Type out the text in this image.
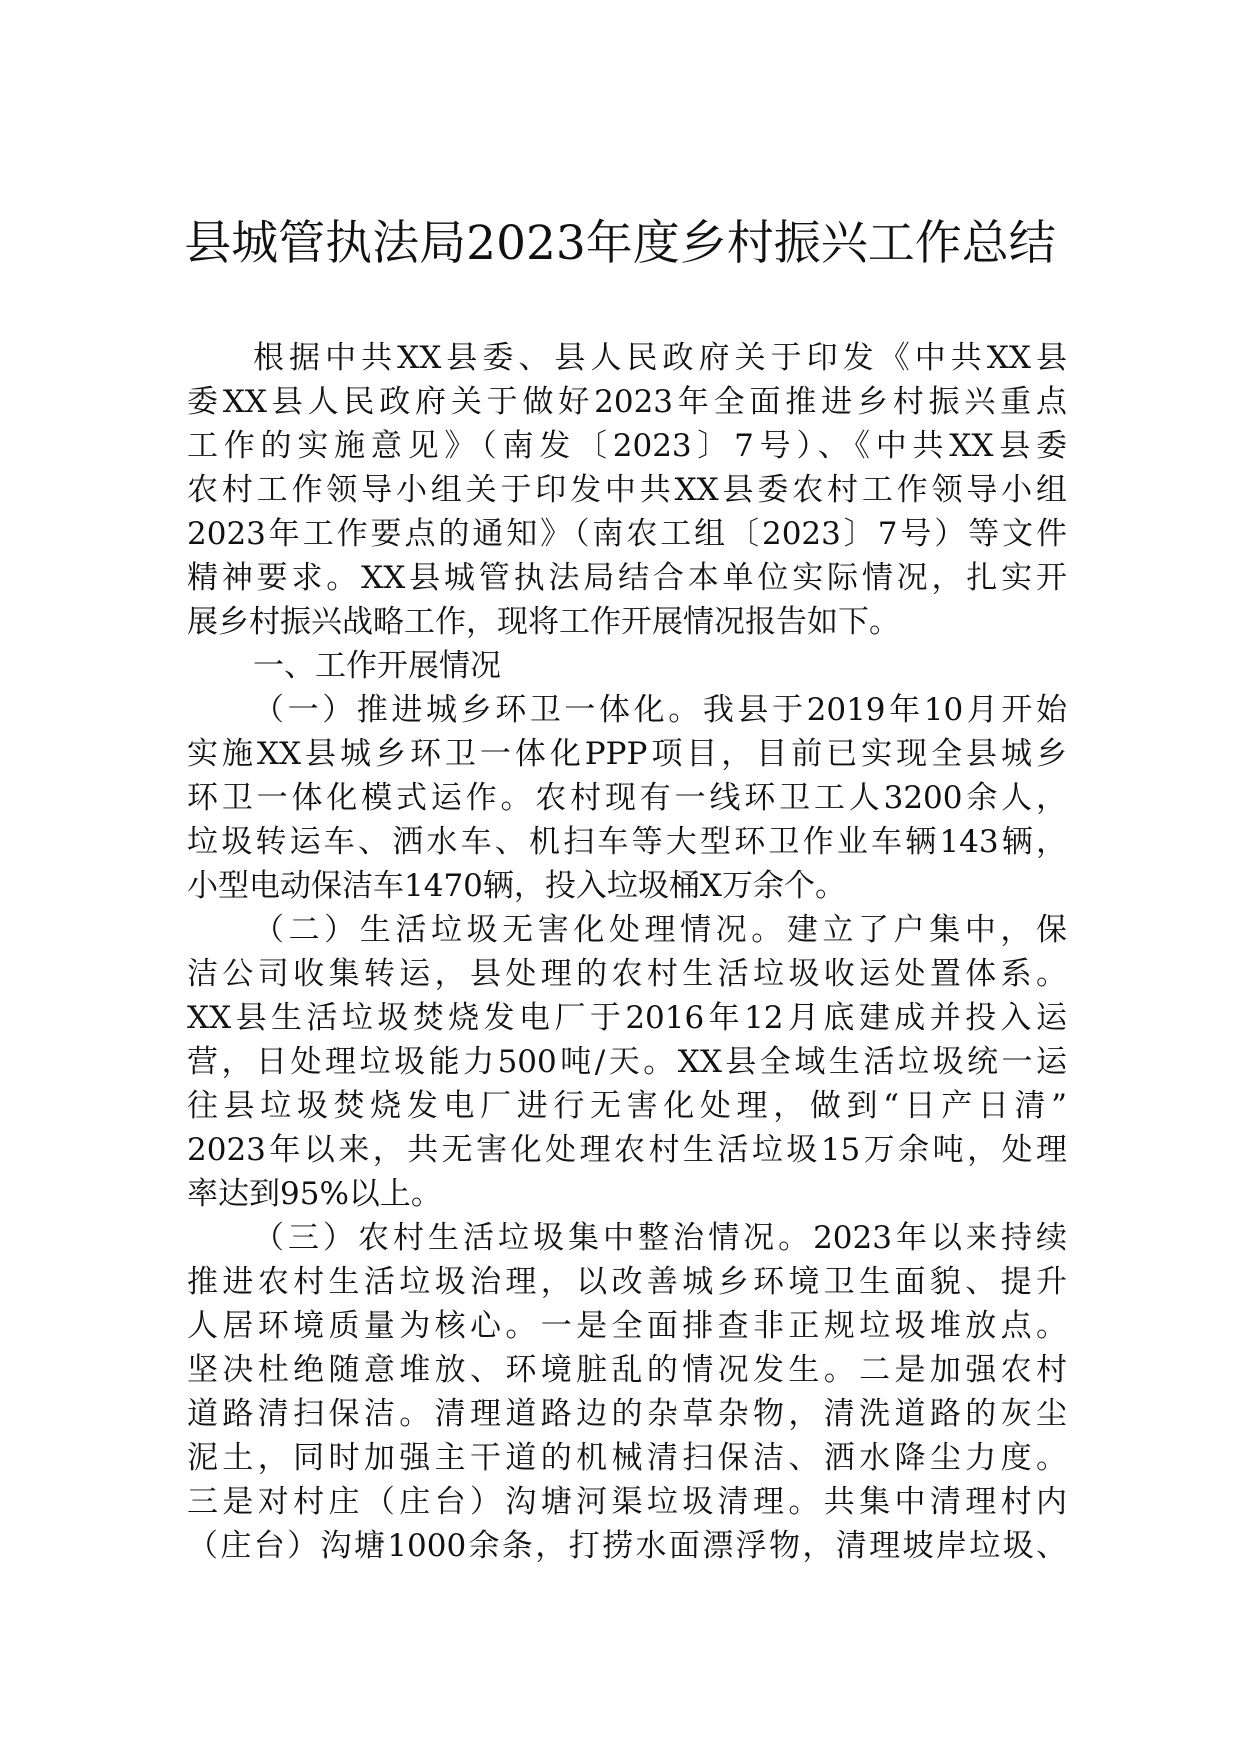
县城管执法局2023年度乡村振兴工作总结
根据中共XX县委、县人民政府关于印发《中共XX县
委XX县人民政府关于做好2023年全面推进乡村振兴重点
工作的实施意见》（南发〔2023〕7号）、《中共XX县委
农村工作领导小组关于印发中共XX县委农村工作领导小组
2023年工作要点的通知》（南农工组〔2023〕7号）等文件
精神要求。XX县城管执法局结合本单位实际情况，扎实开
展乡村振兴战略工作，现将工作开展情况报告如下。
一、工作开展情况
（一）推进城乡环卫一体化。我县于2019年10月开始
实施XX县城乡环卫一体化PPP项目，目前已实现全县城乡
环卫一体化模式运作。农村现有一线环卫工人3200余人，
垃圾转运车、洒水车、机扫车等大型环卫作业车辆143辆，
小型电动保洁车1470辆，投入垃圾桶X万余个。
（二）生活垃圾无害化处理情况。建立了户集中，保
洁公司收集转运，县处理的农村生活垃圾收运处置体系。
XX县生活垃圾焚烧发电厂于2016年12月底建成并投入运
营，日处理垃圾能力500吨/天。XX县全域生活垃圾统一运
往县垃圾焚烧发电厂进行无害化处理，做到“日产日清”
2023年以来，共无害化处理农村生活垃圾15万余吨，处理
率达到95%以上。
（三）农村生活垃圾集中整治情况。2023年以来持续
推进农村生活垃圾治理，以改善城乡环境卫生面貌、提升
人居环境质量为核心。一是全面排查非正规垃圾堆放点。
坚决杜绝随意堆放、环境脏乱的情况发生。二是加强农村
道路清扫保洁。清理道路边的杂草杂物，清洗道路的灰尘
泥土，同时加强主干道的机械清扫保洁、洒水降尘力度。
三是对村庄（庄台）沟塘河渠垃圾清理。共集中清理村内
（庄台）沟塘1000余条，打捞水面漂浮物，清理坡岸垃圾、
